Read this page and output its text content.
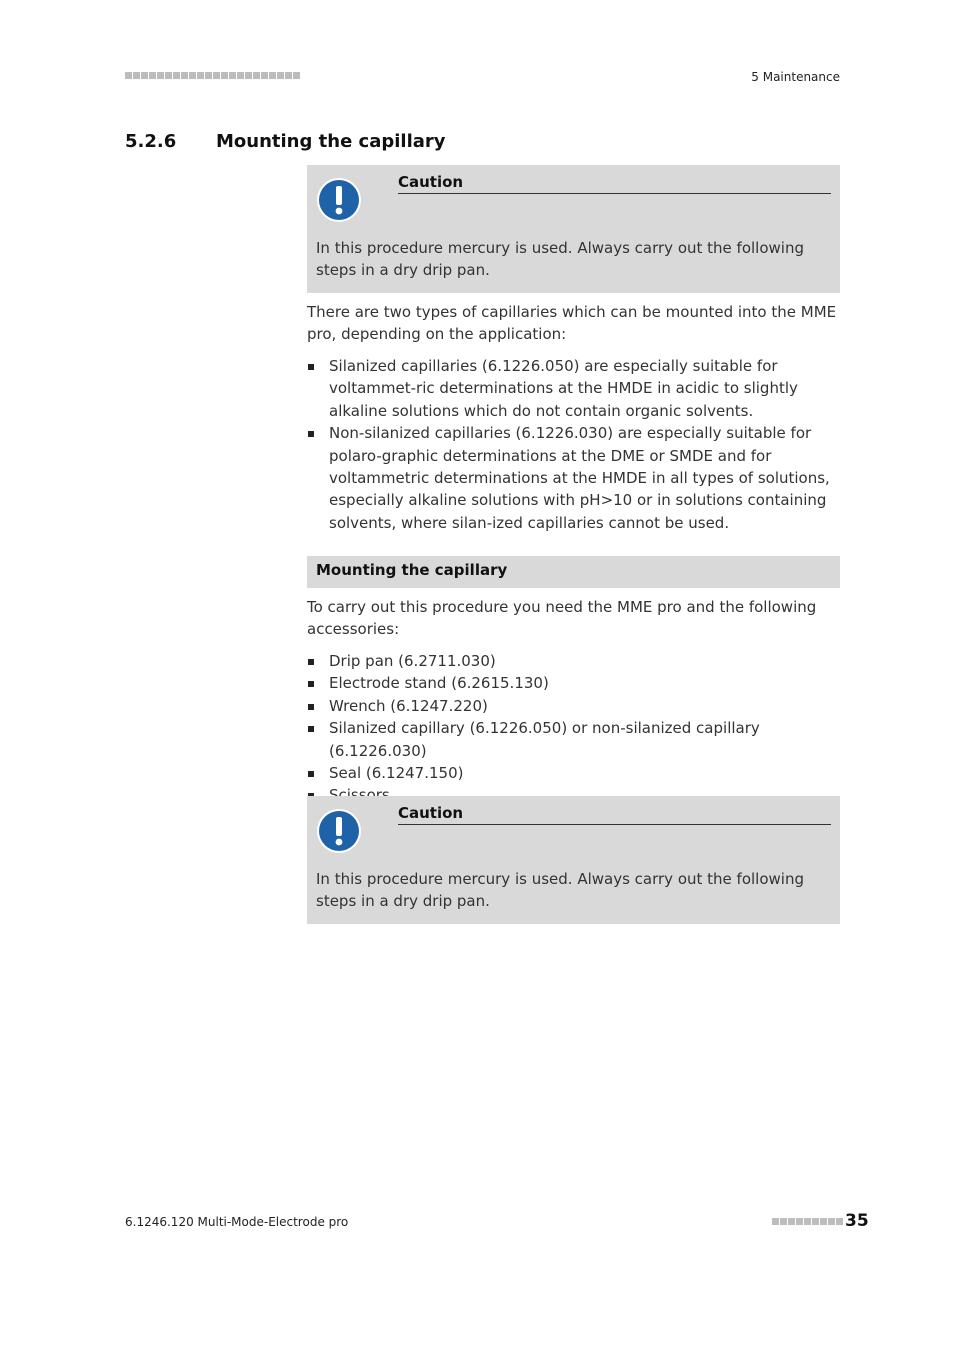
5 Maintenance
5.2.6 Mounting the capillary
Caution
In this procedure mercury is used. Always carry out the following steps in a dry drip pan.

There are two types of capillaries which can be mounted into the MME pro, depending on the application:

Silanized capillaries (6.1226.050) are especially suitable for voltammet-ric determinations at the HMDE in acidic to slightly alkaline solutions which do not contain organic solvents.
Non-silanized capillaries (6.1226.030) are especially suitable for polaro-graphic determinations at the DME or SMDE and for voltammetric determinations at the HMDE in all types of solutions, especially alkaline solutions with pH>10 or in solutions containing solvents, where silan-ized capillaries cannot be used.
Mounting the capillary

To carry out this procedure you need the MME pro and the following accessories:

Drip pan (6.2711.030)
Electrode stand (6.2615.130)
Wrench (6.1247.220)
Silanized capillary (6.1226.050) or non-silanized capillary (6.1226.030)
Seal (6.1247.150)
Caution
In this procedure mercury is used. Always carry out the following steps in a dry drip pan.
6.1246.120 Multi-Mode-Electrode pro	35
